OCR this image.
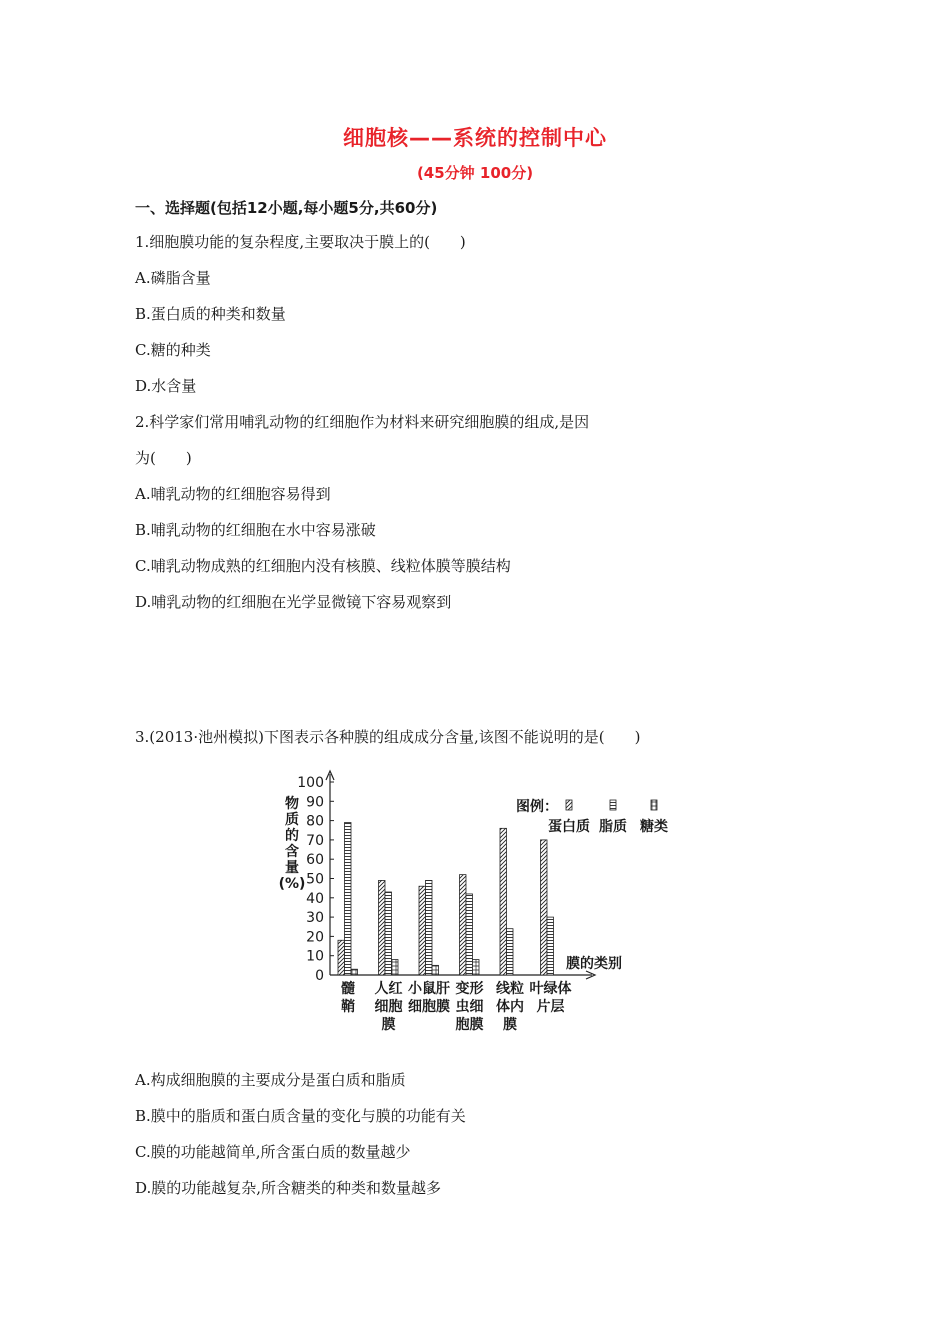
细胞核——系统的控制中心
(45分钟 100分)
一、选择题(包括12小题,每小题5分,共60分)
1.细胞膜功能的复杂程度,主要取决于膜上的(　　)
A.磷脂含量
B.蛋白质的种类和数量
C.糖的种类
D.水含量
2.科学家们常用哺乳动物的红细胞作为材料来研究细胞膜的组成,是因
为(　　)
A.哺乳动物的红细胞容易得到
B.哺乳动物的红细胞在水中容易涨破
C.哺乳动物成熟的红细胞内没有核膜、线粒体膜等膜结构
D.哺乳动物的红细胞在光学显微镜下容易观察到
3.(2013·池州模拟)下图表示各种膜的组成成分含量,该图不能说明的是(　　)
0
10
20
30
40
50
60
70
80
90
100
物
质
的
含
量
(%)
髓
鞘
人红
细胞
膜
小鼠肝
细胞膜
变形
虫细
胞膜
线粒
体内
膜
叶绿体
片层
膜的类别
图例：
蛋白质 脂质 糖类
A.构成细胞膜的主要成分是蛋白质和脂质
B.膜中的脂质和蛋白质含量的变化与膜的功能有关
C.膜的功能越简单,所含蛋白质的数量越少
D.膜的功能越复杂,所含糖类的种类和数量越多
